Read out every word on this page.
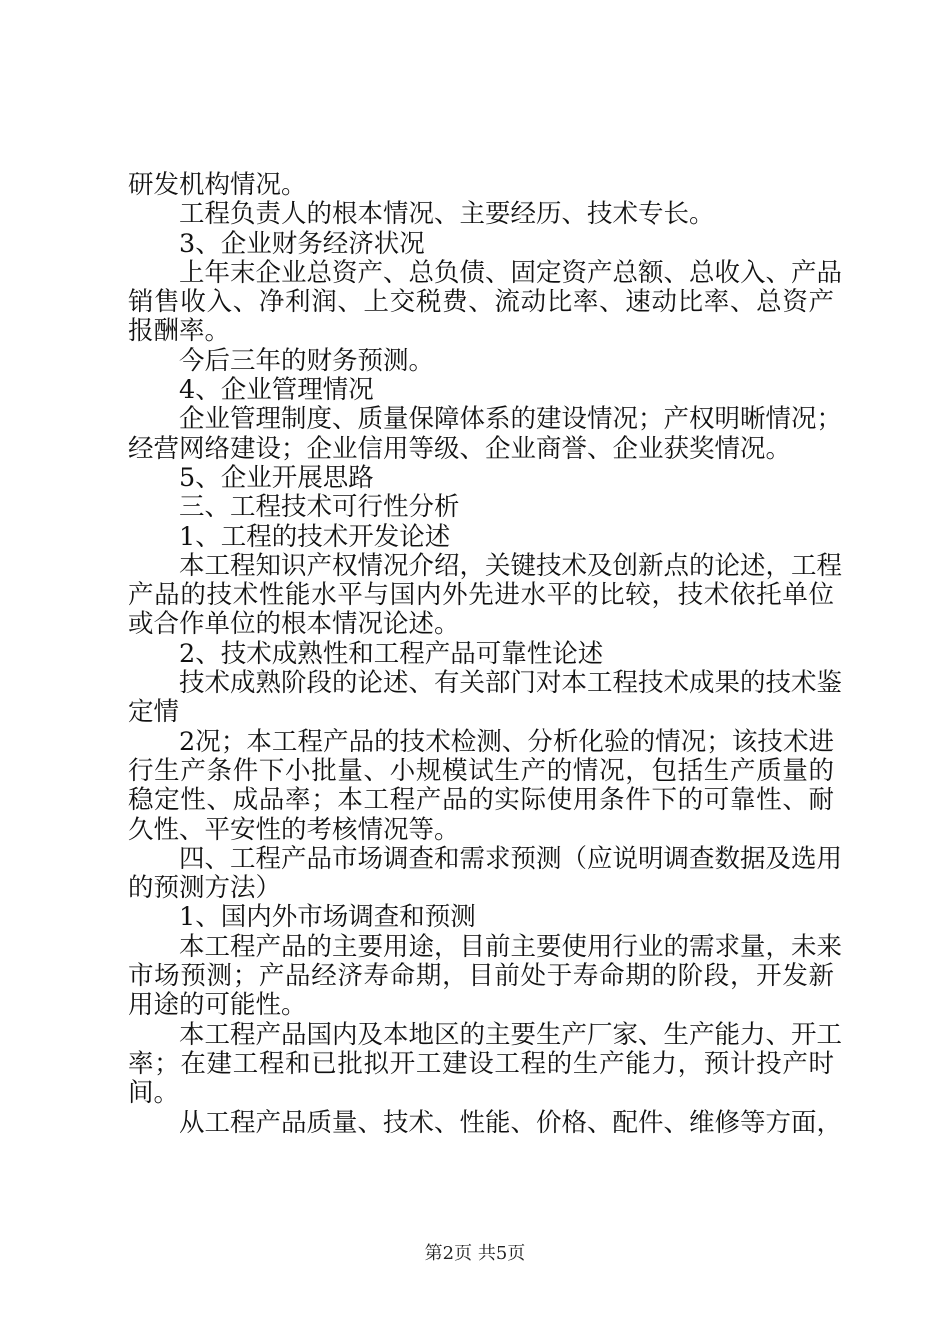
研发机构情况。
工程负责人的根本情况、主要经历、技术专长。
3、企业财务经济状况
上年末企业总资产、总负债、固定资产总额、总收入、产品
销售收入、净利润、上交税费、流动比率、速动比率、总资产
报酬率。
今后三年的财务预测。
4、企业管理情况
企业管理制度、质量保障体系的建设情况；产权明晰情况；
经营网络建设；企业信用等级、企业商誉、企业获奖情况。
5、企业开展思路
三、工程技术可行性分析
1、工程的技术开发论述
本工程知识产权情况介绍，关键技术及创新点的论述，工程
产品的技术性能水平与国内外先进水平的比较，技术依托单位
或合作单位的根本情况论述。
2、技术成熟性和工程产品可靠性论述
技术成熟阶段的论述、有关部门对本工程技术成果的技术鉴
定情
2况；本工程产品的技术检测、分析化验的情况；该技术进
行生产条件下小批量、小规模试生产的情况，包括生产质量的
稳定性、成品率；本工程产品的实际使用条件下的可靠性、耐
久性、平安性的考核情况等。
四、工程产品市场调查和需求预测（应说明调查数据及选用
的预测方法）
1、国内外市场调查和预测
本工程产品的主要用途，目前主要使用行业的需求量，未来
市场预测；产品经济寿命期，目前处于寿命期的阶段，开发新
用途的可能性。
本工程产品国内及本地区的主要生产厂家、生产能力、开工
率；在建工程和已批拟开工建设工程的生产能力，预计投产时
间。
从工程产品质量、技术、性能、价格、配件、维修等方面，
第2页 共5页
